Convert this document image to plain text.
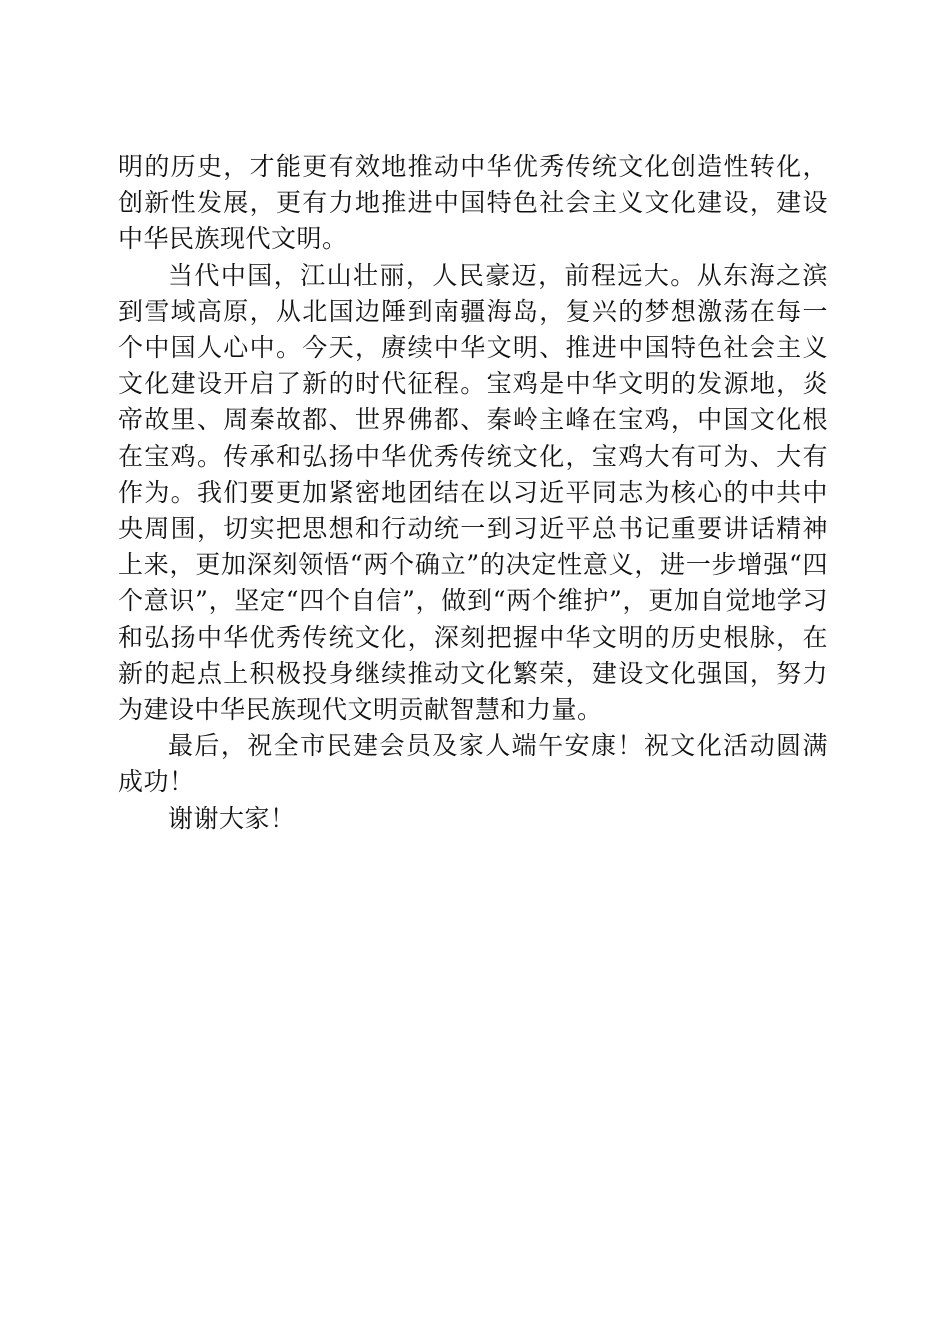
明的历史，才能更有效地推动中华优秀传统文化创造性转化，创新性发展，更有力地推进中国特色社会主义文化建设，建设中华民族现代文明。

当代中国，江山壮丽，人民豪迈，前程远大。从东海之滨到雪域高原，从北国边陲到南疆海岛，复兴的梦想激荡在每一个中国人心中。今天，赓续中华文明、推进中国特色社会主义文化建设开启了新的时代征程。宝鸡是中华文明的发源地，炎帝故里、周秦故都、世界佛都、秦岭主峰在宝鸡，中国文化根在宝鸡。传承和弘扬中华优秀传统文化，宝鸡大有可为、大有作为。我们要更加紧密地团结在以习近平同志为核心的中共中央周围，切实把思想和行动统一到习近平总书记重要讲话精神上来，更加深刻领悟“两个确立”的决定性意义，进一步增强“四个意识”，坚定“四个自信”，做到“两个维护”，更加自觉地学习和弘扬中华优秀传统文化，深刻把握中华文明的历史根脉，在新的起点上积极投身继续推动文化繁荣，建设文化强国，努力为建设中华民族现代文明贡献智慧和力量。

最后，祝全市民建会员及家人端午安康！祝文化活动圆满成功！

谢谢大家！
